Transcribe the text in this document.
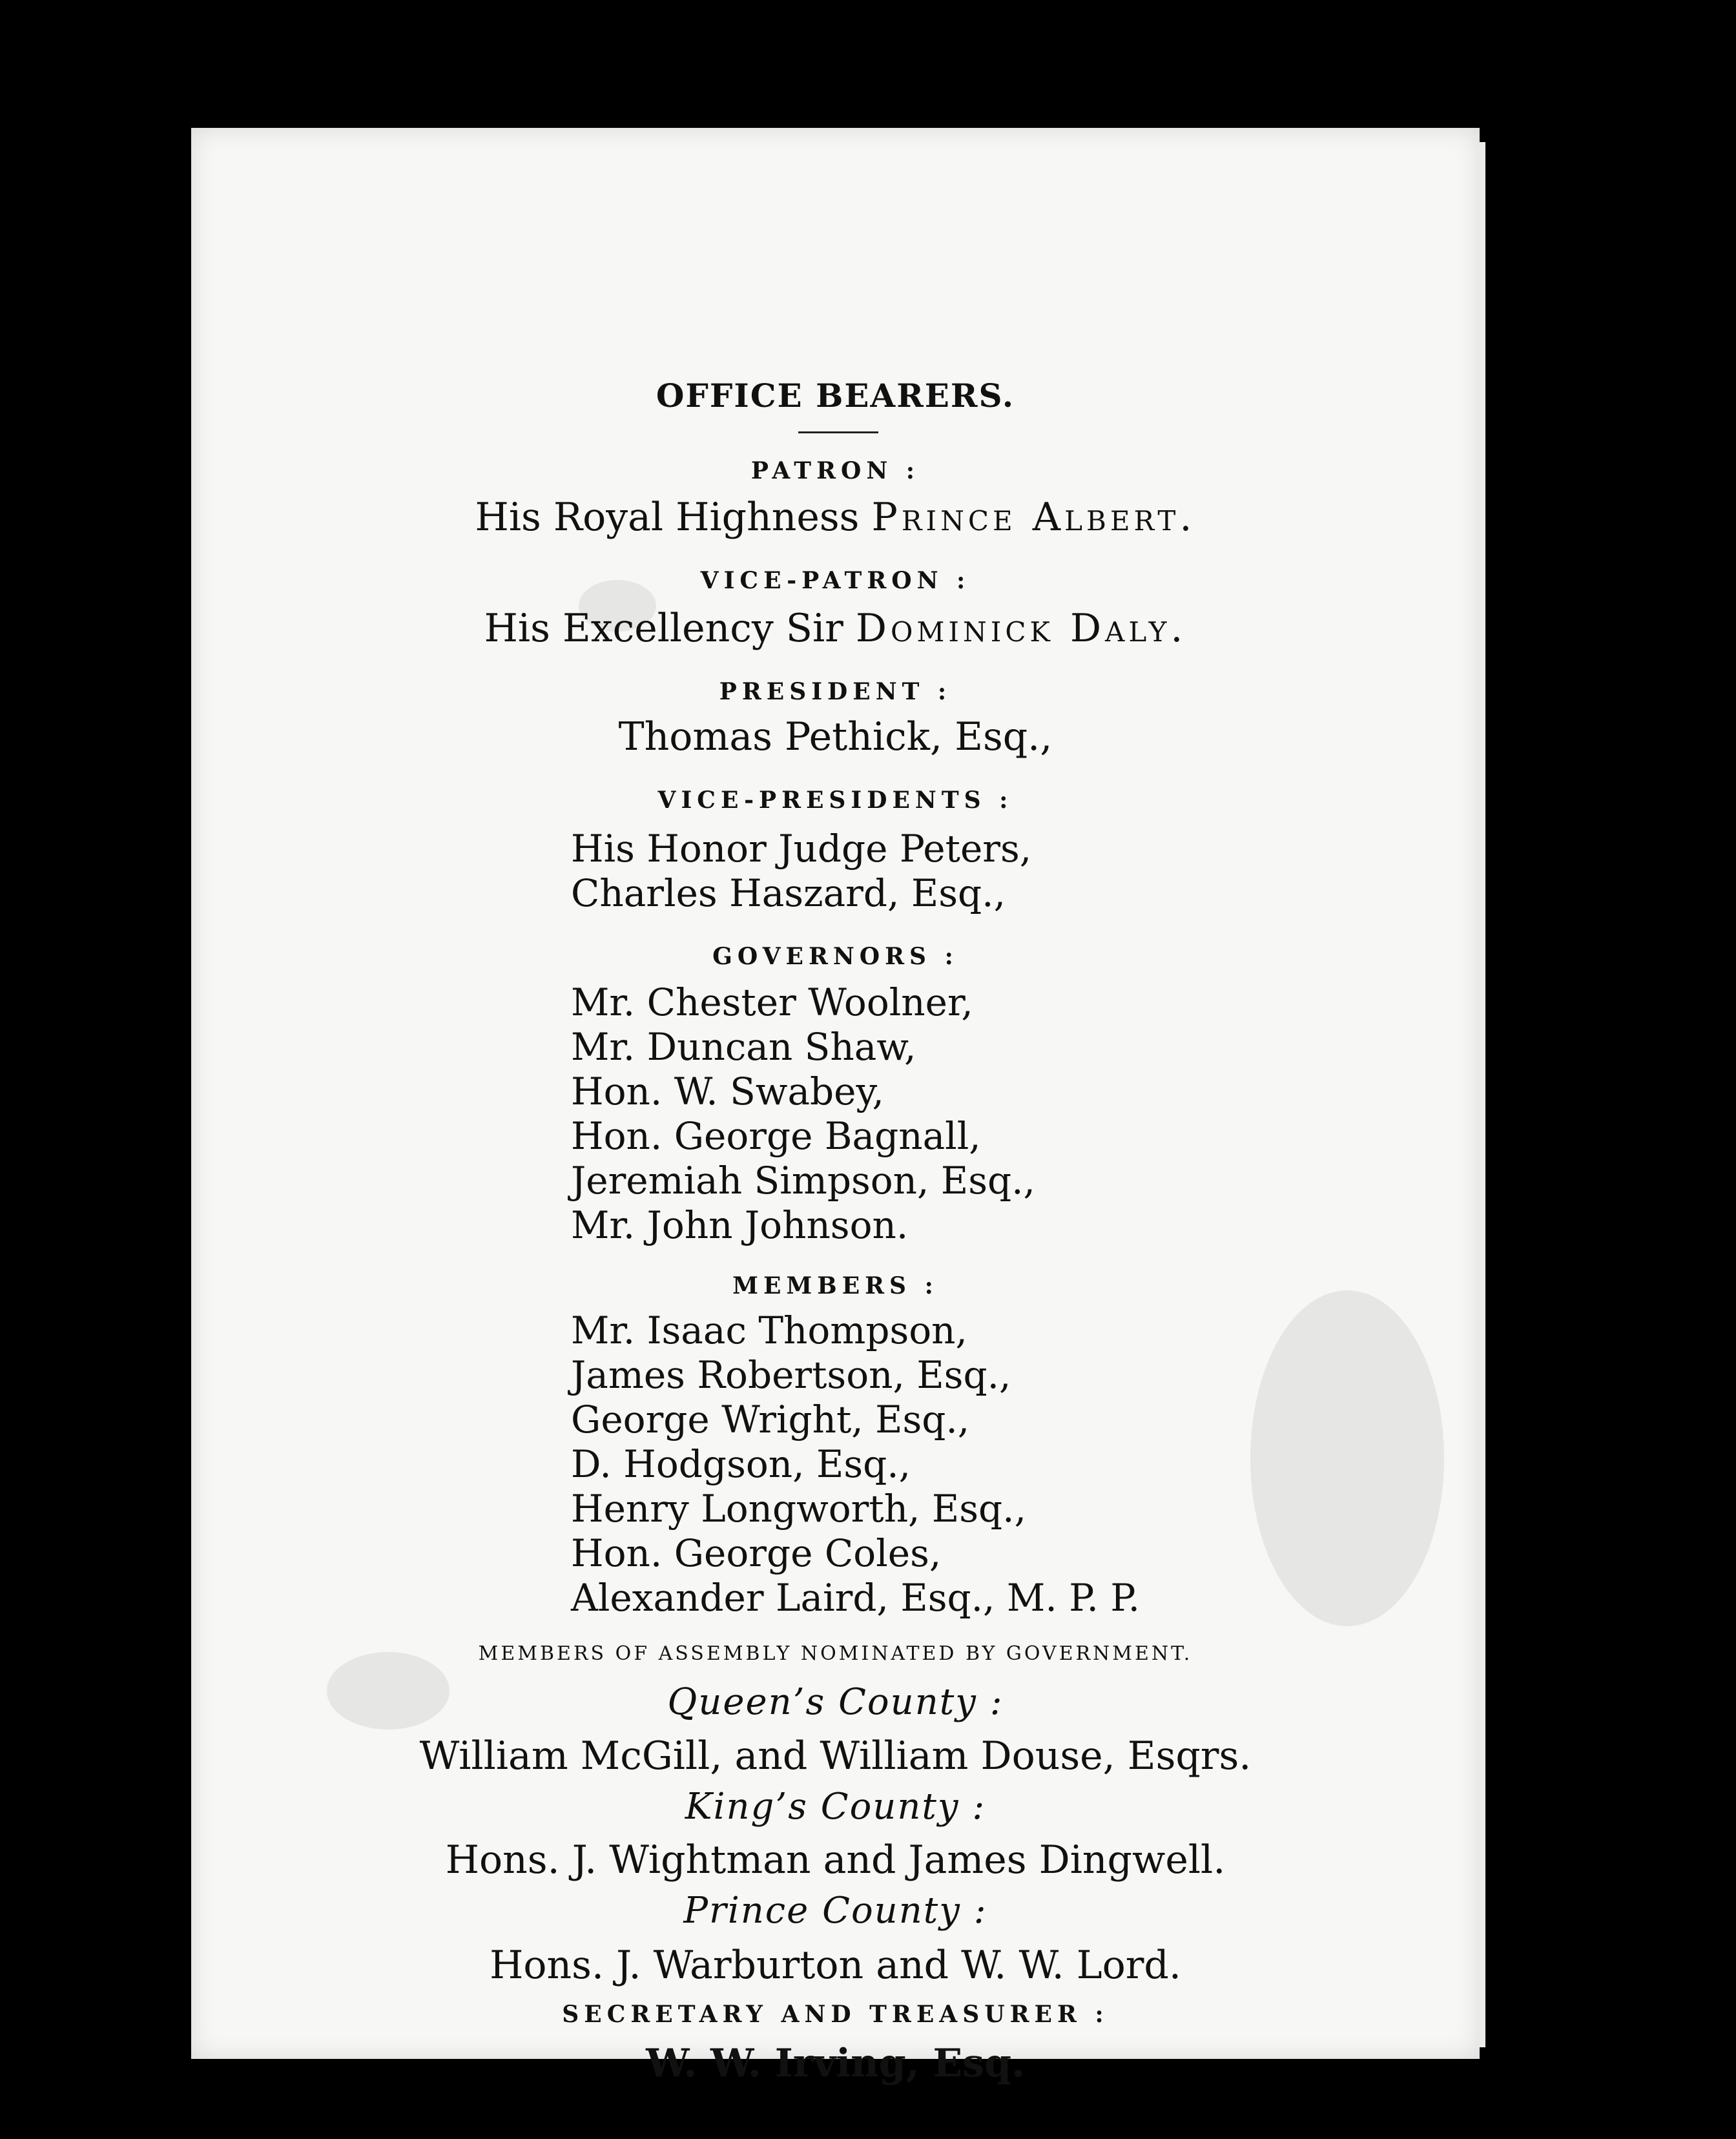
OFFICE BEARERS.
PATRON :
His Royal Highness Prince Albert.
VICE-PATRON :
His Excellency Sir Dominick Daly.
PRESIDENT :
Thomas Pethick, Esq.,
VICE-PRESIDENTS :
His Honor Judge Peters,
Charles Haszard, Esq.,
GOVERNORS :
Mr. Chester Woolner,
Mr. Duncan Shaw,
Hon. W. Swabey,
Hon. George Bagnall,
Jeremiah Simpson, Esq.,
Mr. John Johnson.
MEMBERS :
Mr. Isaac Thompson,
James Robertson, Esq.,
George Wright, Esq.,
D. Hodgson, Esq.,
Henry Longworth, Esq.,
Hon. George Coles,
Alexander Laird, Esq., M. P. P.
MEMBERS OF ASSEMBLY NOMINATED BY GOVERNMENT.
Queen’s County :
William McGill, and William Douse, Esqrs.
King’s County :
Hons. J. Wightman and James Dingwell.
Prince County :
Hons. J. Warburton and W. W. Lord.
SECRETARY AND TREASURER :
W. W. Irving, Esq.
